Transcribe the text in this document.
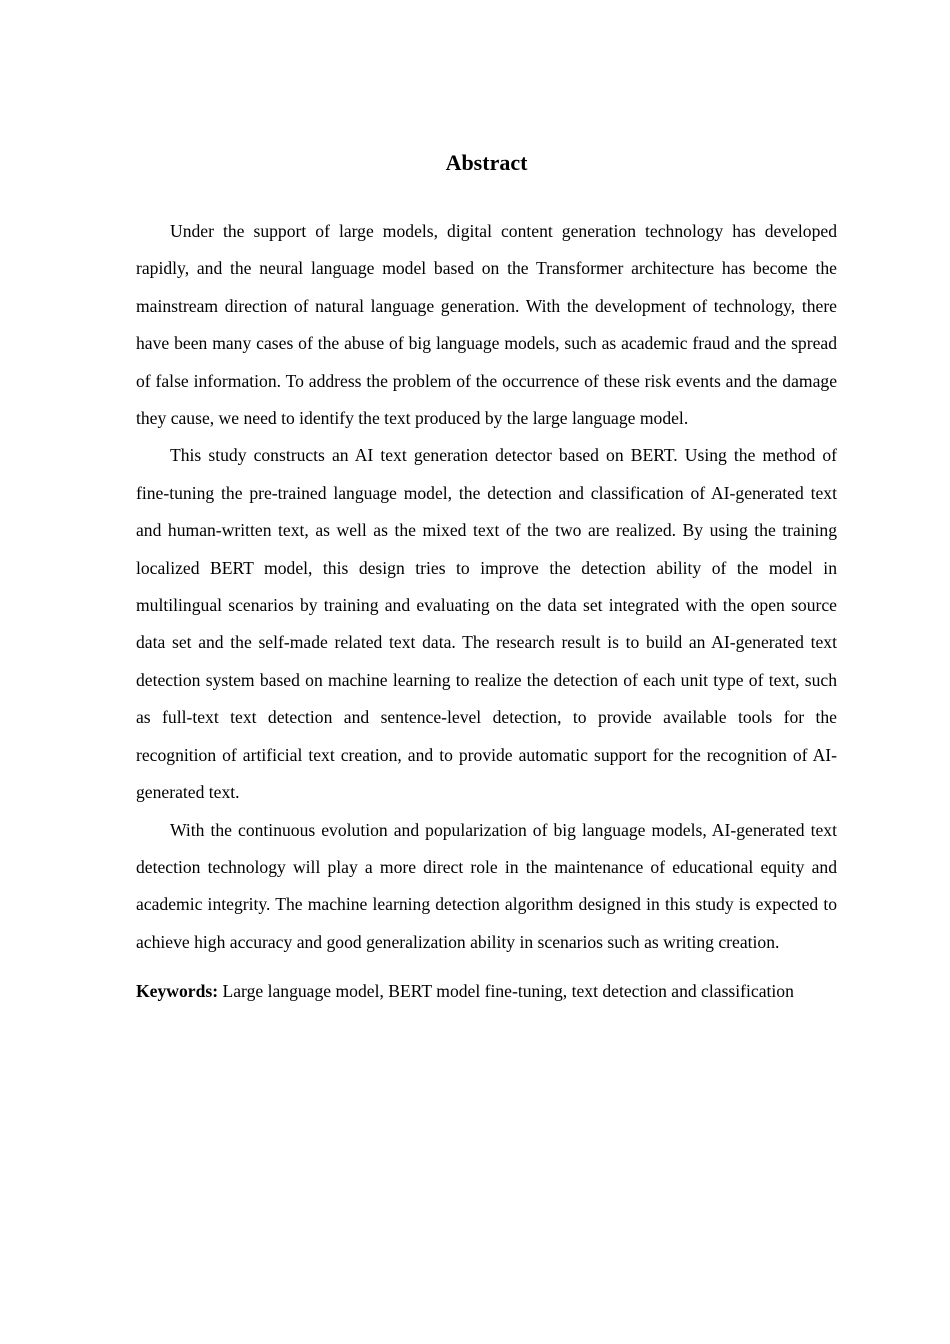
Abstract

Under the support of large models, digital content generation technology has developed rapidly, and the neural language model based on the Transformer architecture has become the mainstream direction of natural language generation. With the development of technology, there have been many cases of the abuse of big language models, such as academic fraud and the spread of false information. To address the problem of the occurrence of these risk events and the damage they cause, we need to identify the text produced by the large language model.

This study constructs an AI text generation detector based on BERT. Using the method of fine-tuning the pre-trained language model, the detection and classification of AI-generated text and human-written text, as well as the mixed text of the two are realized. By using the training localized BERT model, this design tries to improve the detection ability of the model in multilingual scenarios by training and evaluating on the data set integrated with the open source data set and the self-made related text data. The research result is to build an AI-generated text detection system based on machine learning to realize the detection of each unit type of text, such as full-text text detection and sentence-level detection, to provide available tools for the recognition of artificial text creation, and to provide automatic support for the recognition of AI-generated text.

With the continuous evolution and popularization of big language models, AI-generated text detection technology will play a more direct role in the maintenance of educational equity and academic integrity. The machine learning detection algorithm designed in this study is expected to achieve high accuracy and good generalization ability in scenarios such as writing creation.

Keywords: Large language model, BERT model fine-tuning, text detection and classification
